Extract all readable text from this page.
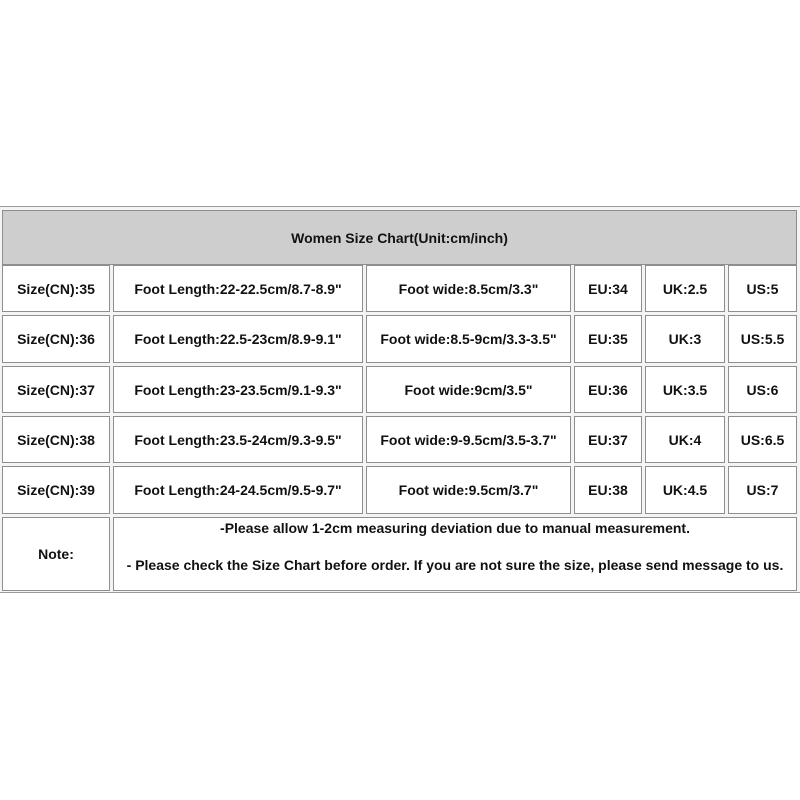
Women Size Chart(Unit:cm/inch)
Size(CN):35	Foot Length:22-22.5cm/8.7-8.9"	Foot wide:8.5cm/3.3"	EU:34	UK:2.5	US:5
Size(CN):36	Foot Length:22.5-23cm/8.9-9.1"	Foot wide:8.5-9cm/3.3-3.5"	EU:35	UK:3	US:5.5
Size(CN):37	Foot Length:23-23.5cm/9.1-9.3"	Foot wide:9cm/3.5"	EU:36	UK:3.5	US:6
Size(CN):38	Foot Length:23.5-24cm/9.3-9.5"	Foot wide:9-9.5cm/3.5-3.7"	EU:37	UK:4	US:6.5
Size(CN):39	Foot Length:24-24.5cm/9.5-9.7"	Foot wide:9.5cm/3.7"	EU:38	UK:4.5	US:7
Note:
-Please allow 1-2cm measuring deviation due to manual measurement.
- Please check the Size Chart before order. If you are not sure the size, please send message to us.
